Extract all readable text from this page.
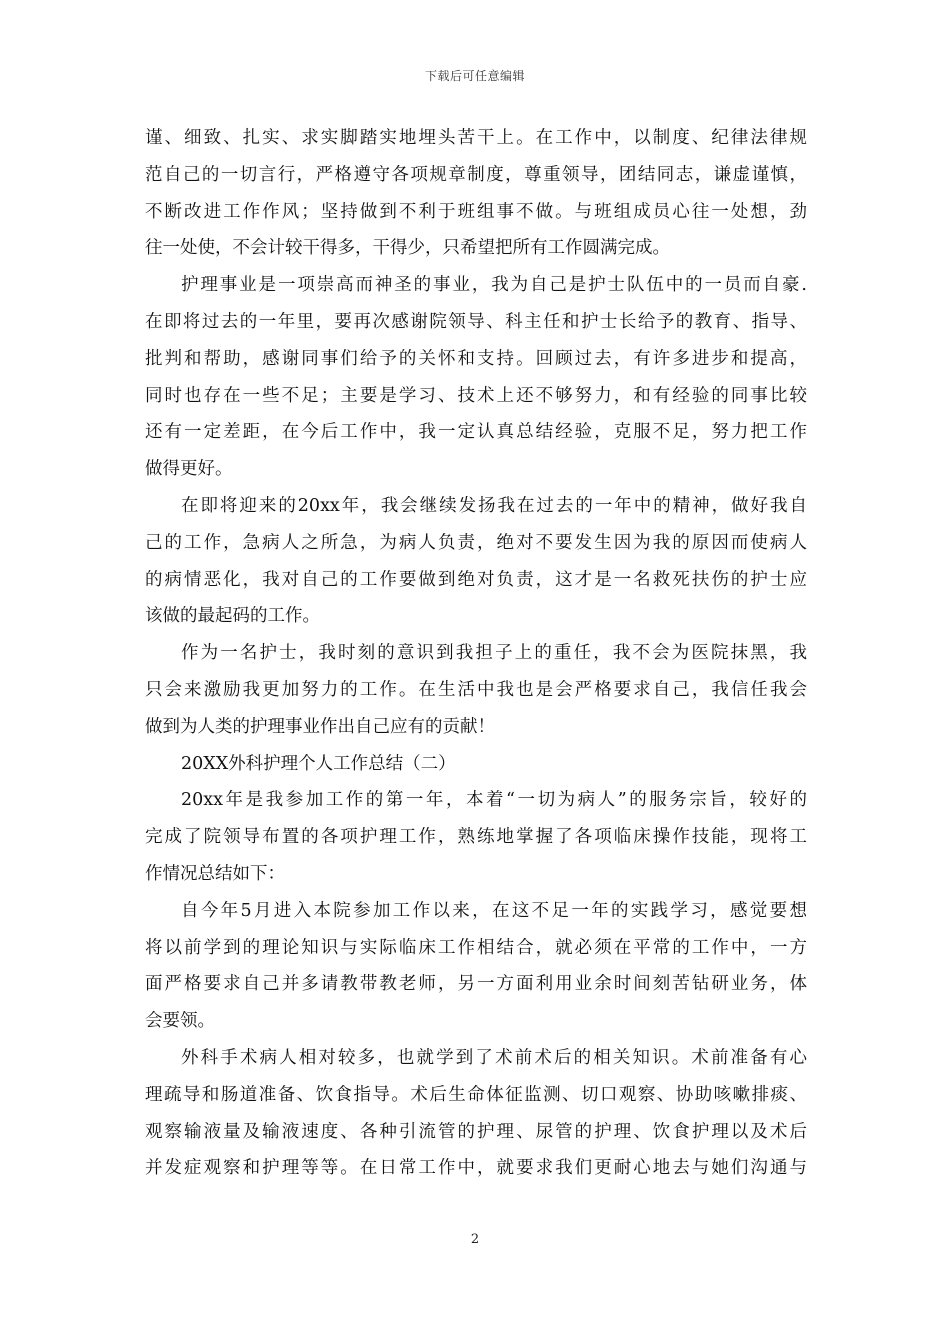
下载后可任意编辑
谨、细致、扎实、求实脚踏实地埋头苦干上。在工作中，以制度、纪律法律规
范自己的一切言行，严格遵守各项规章制度，尊重领导，团结同志，谦虚谨慎，
不断改进工作作风；坚持做到不利于班组事不做。与班组成员心往一处想，劲
往一处使，不会计较干得多，干得少，只希望把所有工作圆满完成。
护理事业是一项崇高而神圣的事业，我为自己是护士队伍中的一员而自豪.
在即将过去的一年里，要再次感谢院领导、科主任和护士长给予的教育、指导、
批判和帮助，感谢同事们给予的关怀和支持。回顾过去，有许多进步和提高，
同时也存在一些不足；主要是学习、技术上还不够努力，和有经验的同事比较
还有一定差距，在今后工作中，我一定认真总结经验，克服不足，努力把工作
做得更好。
在即将迎来的20xx年，我会继续发扬我在过去的一年中的精神，做好我自
己的工作，急病人之所急，为病人负责，绝对不要发生因为我的原因而使病人
的病情恶化，我对自己的工作要做到绝对负责，这才是一名救死扶伤的护士应
该做的最起码的工作。
作为一名护士，我时刻的意识到我担子上的重任，我不会为医院抹黑，我
只会来激励我更加努力的工作。在生活中我也是会严格要求自己，我信任我会
做到为人类的护理事业作出自己应有的贡献！
20XX外科护理个人工作总结（二）
20xx年是我参加工作的第一年，本着“一切为病人”的服务宗旨，较好的
完成了院领导布置的各项护理工作，熟练地掌握了各项临床操作技能，现将工
作情况总结如下：
自今年5月进入本院参加工作以来，在这不足一年的实践学习，感觉要想
将以前学到的理论知识与实际临床工作相结合，就必须在平常的工作中，一方
面严格要求自己并多请教带教老师，另一方面利用业余时间刻苦钻研业务，体
会要领。
外科手术病人相对较多，也就学到了术前术后的相关知识。术前准备有心
理疏导和肠道准备、饮食指导。术后生命体征监测、切口观察、协助咳嗽排痰、
观察输液量及输液速度、各种引流管的护理、尿管的护理、饮食护理以及术后
并发症观察和护理等等。在日常工作中，就要求我们更耐心地去与她们沟通与
2
